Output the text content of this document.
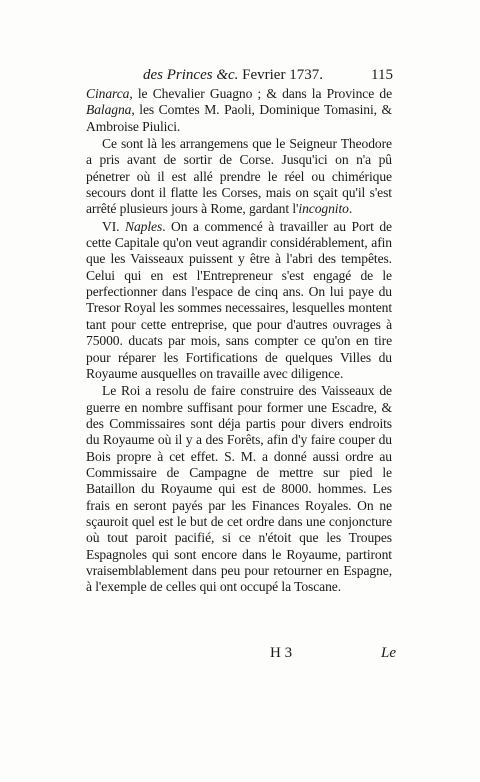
des Princes &c. Fevrier 1737.	115

Cinarca, le Chevalier Guagno ; & dans la Province de Balagna, les Comtes M. Paoli, Dominique Tomasini, & Ambroise Piulici.

Ce sont là les arrangemens que le Seigneur Theodore a pris avant de sortir de Corse. Jusqu'ici on n'a pû pénetrer où il est allé prendre le réel ou chimérique secours dont il flatte les Corses, mais on sçait qu'il s'est arrêté plusieurs jours à Rome, gardant l'incognito.

VI. Naples. On a commencé à travailler au Port de cette Capitale qu'on veut agrandir considérablement, afin que les Vaisseaux puissent y être à l'abri des tempêtes. Celui qui en est l'Entrepreneur s'est engagé de le perfectionner dans l'espace de cinq ans. On lui paye du Tresor Royal les sommes necessaires, lesquelles montent tant pour cette entreprise, que pour d'autres ouvrages à 75000. ducats par mois, sans compter ce qu'on en tire pour réparer les Fortifications de quelques Villes du Royaume ausquelles on travaille avec diligence.

Le Roi a resolu de faire construire des Vaisseaux de guerre en nombre suffisant pour former une Escadre, & des Commissaires sont déja partis pour divers endroits du Royaume où il y a des Forêts, afin d'y faire couper du Bois propre à cet effet. S. M. a donné aussi ordre au Commissaire de Campagne de mettre sur pied le Bataillon du Royaume qui est de 8000. hommes. Les frais en seront payés par les Finances Royales. On ne sçauroit quel est le but de cet ordre dans une conjoncture où tout paroit pacifié, si ce n'étoit que les Troupes Espagnoles qui sont encore dans le Royaume, partiront vraisemblablement dans peu pour retourner en Espagne, à l'exemple de celles qui ont occupé la Toscane.

H 3	Le
